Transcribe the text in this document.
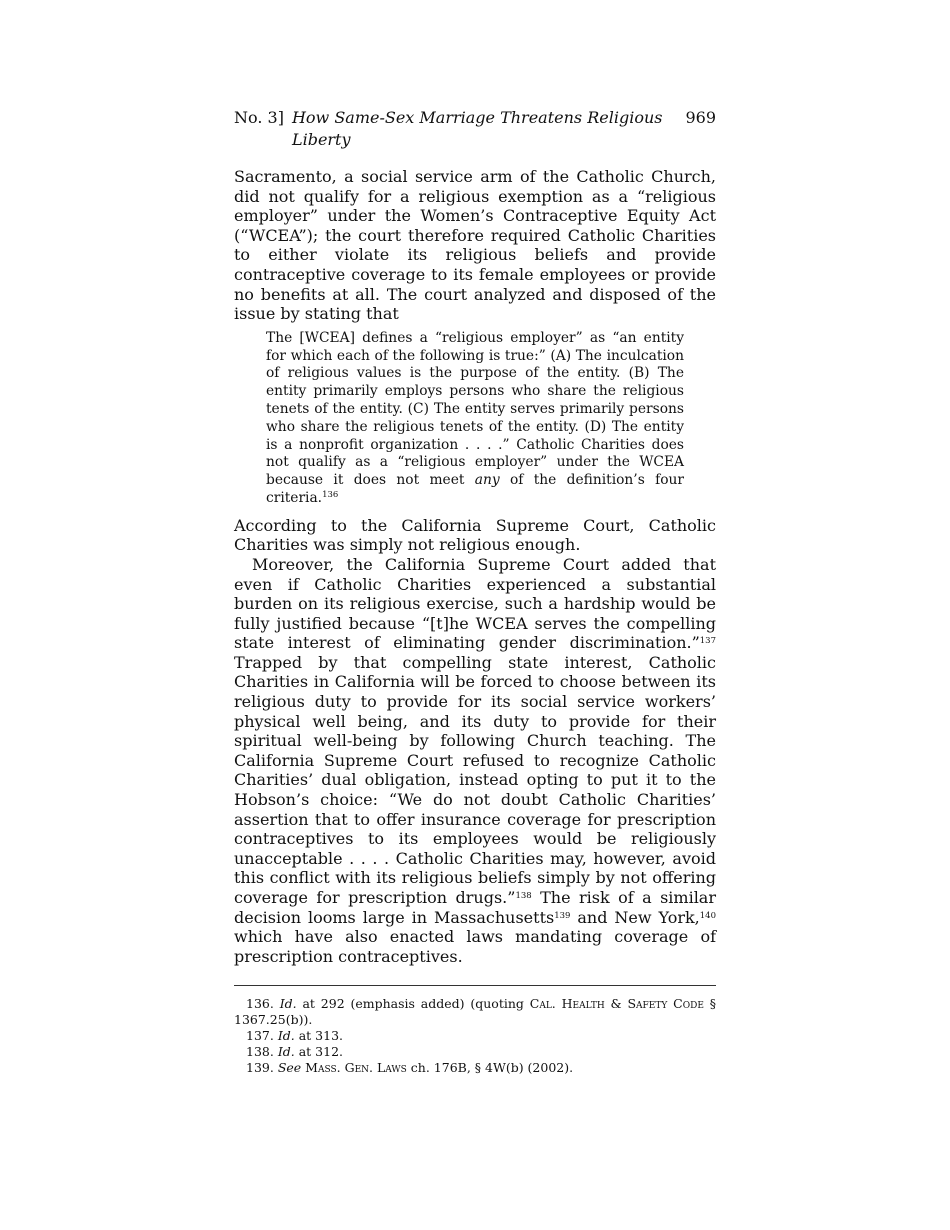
No. 3] How Same-Sex Marriage Threatens Religious Liberty
969

Sacramento, a social service arm of the Catholic Church, did not qualify for a religious exemption as a “religious employer” under the Women’s Contraceptive Equity Act (“WCEA”); the court therefore required Catholic Charities to either violate its religious beliefs and provide contraceptive coverage to its female employees or provide no benefits at all. The court analyzed and disposed of the issue by stating that

The [WCEA] defines a “religious employer” as “an entity for which each of the following is true:” (A) The inculcation of religious values is the purpose of the entity. (B) The entity primarily employs persons who share the religious tenets of the entity. (C) The entity serves primarily persons who share the religious tenets of the entity. (D) The entity is a nonprofit organization . . . .” Catholic Charities does not qualify as a “religious employer” under the WCEA because it does not meet any of the definition’s four criteria.$^{136}$

According to the California Supreme Court, Catholic Charities was simply not religious enough.

Moreover, the California Supreme Court added that even if Catholic Charities experienced a substantial burden on its religious exercise, such a hardship would be fully justified because “[t]he WCEA serves the compelling state interest of eliminating gender discrimination.”$^{137}$ Trapped by that compelling state interest, Catholic Charities in California will be forced to choose between its religious duty to provide for its social service workers’ physical well being, and its duty to provide for their spiritual well-being by following Church teaching. The California Supreme Court refused to recognize Catholic Charities’ dual obligation, instead opting to put it to the Hobson’s choice: “We do not doubt Catholic Charities’ assertion that to offer insurance coverage for prescription contraceptives to its employees would be religiously unacceptable . . . . Catholic Charities may, however, avoid this conflict with its religious beliefs simply by not offering coverage for prescription drugs.”$^{138}$ The risk of a similar decision looms large in Massachusetts$^{139}$ and New York,$^{140}$ which have also enacted laws mandating coverage of prescription contraceptives.

136. Id. at 292 (emphasis added) (quoting Cal. Health & Safety Code § 1367.25(b)).

137. Id. at 313.

138. Id. at 312.

139. See Mass. Gen. Laws ch. 176B, § 4W(b) (2002).
